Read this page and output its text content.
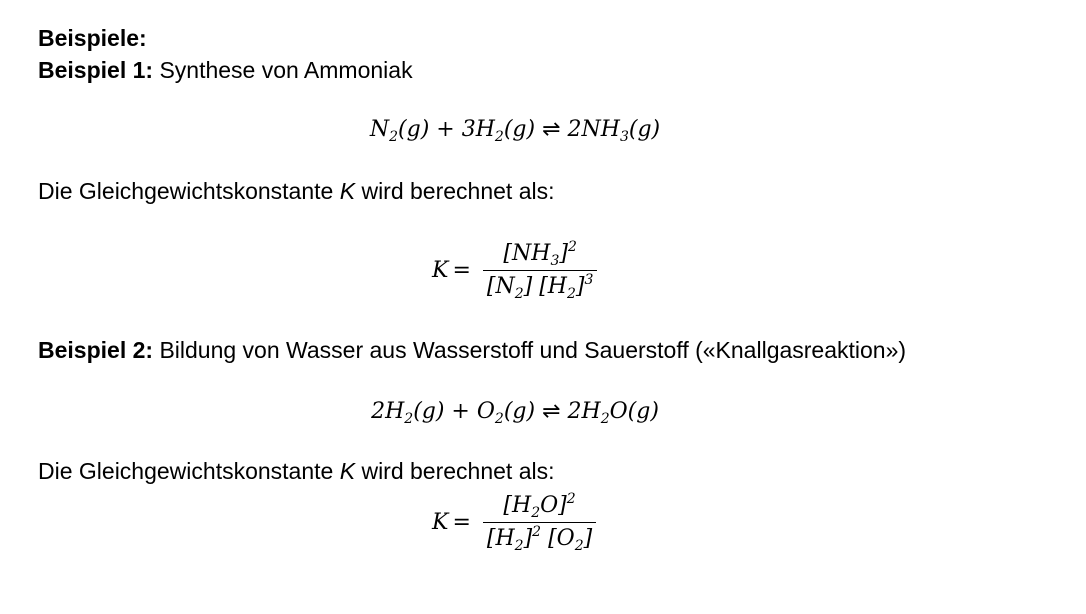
Beispiele:
Beispiel 1: Synthese von Ammoniak
$N_2(g) + 3H_2(g)$ ⇌ $2NH_3(g)$
Die Gleichgewichtskonstante K wird berechnet als:
$K = \frac{[NH_3]^2}{[N_2] [H_2]^3}$
Beispiel 2: Bildung von Wasser aus Wasserstoff und Sauerstoff («Knallgasreaktion»)
$2H_2(g) + O_2(g)$ ⇌ $2H_2O(g)$
Die Gleichgewichtskonstante K wird berechnet als:
$K = \frac{[H_2O]^2}{[H_2]^2 [O_2]}$
